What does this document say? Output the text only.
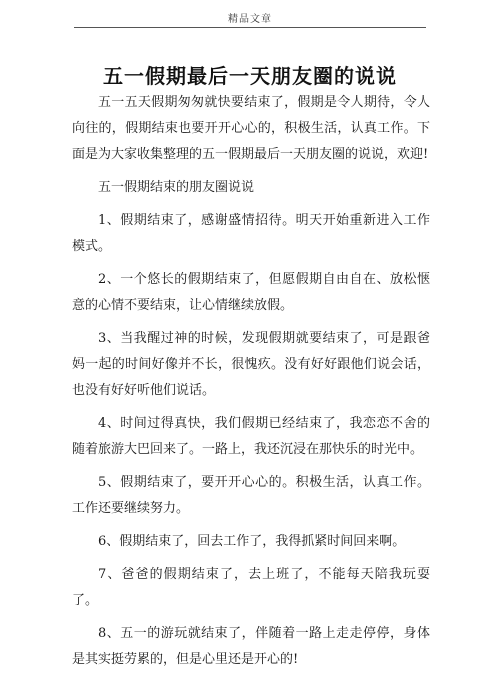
精品文章
五一假期最后一天朋友圈的说说

五一五天假期匆匆就快要结束了，假期是令人期待，令人向往的，假期结束也要开开心心的，积极生活，认真工作。下面是为大家收集整理的五一假期最后一天朋友圈的说说，欢迎!

五一假期结束的朋友圈说说

1、假期结束了，感谢盛情招待。明天开始重新进入工作模式。

2、一个悠长的假期结束了，但愿假期自由自在、放松惬意的心情不要结束，让心情继续放假。

3、当我醒过神的时候，发现假期就要结束了，可是跟爸妈一起的时间好像并不长，很愧疚。没有好好跟他们说会话，也没有好好听他们说话。

4、时间过得真快，我们假期已经结束了，我恋恋不舍的随着旅游大巴回来了。一路上，我还沉浸在那快乐的时光中。

5、假期结束了，要开开心心的。积极生活，认真工作。工作还要继续努力。

6、假期结束了，回去工作了，我得抓紧时间回来啊。

7、爸爸的假期结束了，去上班了，不能每天陪我玩耍了。

8、五一的游玩就结束了，伴随着一路上走走停停，身体是其实挺劳累的，但是心里还是开心的!
